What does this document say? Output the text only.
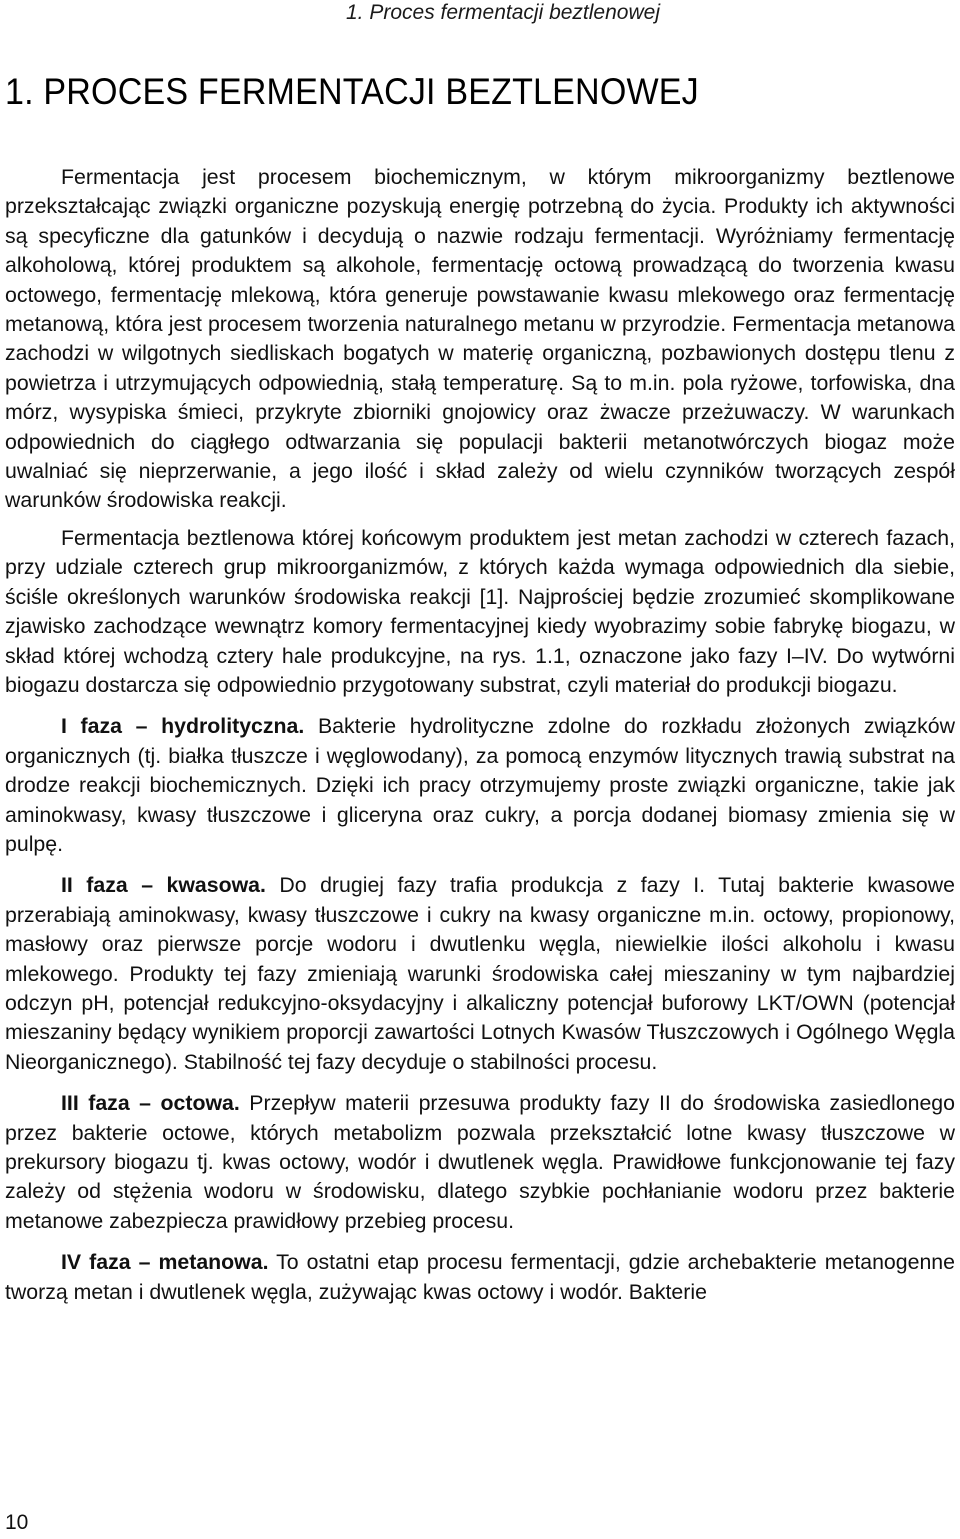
1. Proces fermentacji beztlenowej
1. PROCES FERMENTACJI BEZTLENOWEJ

Fermentacja jest procesem biochemicznym, w którym mikroorganizmy beztlenowe przekształcając związki organiczne pozyskują energię potrzebną do życia. Produkty ich aktywności są specyficzne dla gatunków i decydują o nazwie rodzaju fermentacji. Wyróżniamy fermentację alkoholową, której produktem są alkohole, fermentację octową prowadzącą do tworzenia kwasu octowego, fermentację mlekową, która generuje powstawanie kwasu mlekowego oraz fermentację metanową, która jest procesem tworzenia naturalnego metanu w przyrodzie. Fermentacja metanowa zachodzi w wilgotnych siedliskach bogatych w materię organiczną, pozbawionych dostępu tlenu z powietrza i utrzymujących odpowiednią, stałą temperaturę. Są to m.in. pola ryżowe, torfowiska, dna mórz, wysypiska śmieci, przykryte zbiorniki gnojowicy oraz żwacze przeżuwaczy. W warunkach odpowiednich do ciągłego odtwarzania się populacji bakterii metanotwórczych biogaz może uwalniać się nieprzerwanie, a jego ilość i skład zależy od wielu czynników tworzących zespół warunków środowiska reakcji.

Fermentacja beztlenowa której końcowym produktem jest metan zachodzi w czterech fazach, przy udziale czterech grup mikroorganizmów, z których każda wymaga odpowiednich dla siebie, ściśle określonych warunków środowiska reakcji [1]. Najprościej będzie zrozumieć skomplikowane zjawisko zachodzące wewnątrz komory fermentacyjnej kiedy wyobrazimy sobie fabrykę biogazu, w skład której wchodzą cztery hale produkcyjne, na rys. 1.1, oznaczone jako fazy I–IV. Do wytwórni biogazu dostarcza się odpowiednio przygotowany substrat, czyli materiał do produkcji biogazu.

I faza – hydrolityczna. Bakterie hydrolityczne zdolne do rozkładu złożonych związków organicznych (tj. białka tłuszcze i węglowodany), za pomocą enzymów litycznych trawią substrat na drodze reakcji biochemicznych. Dzięki ich pracy otrzymujemy proste związki organiczne, takie jak aminokwasy, kwasy tłuszczowe i gliceryna oraz cukry, a porcja dodanej biomasy zmienia się w pulpę.

II faza – kwasowa. Do drugiej fazy trafia produkcja z fazy I. Tutaj bakterie kwasowe przerabiają aminokwasy, kwasy tłuszczowe i cukry na kwasy organiczne m.in. octowy, propionowy, masłowy oraz pierwsze porcje wodoru i dwutlenku węgla, niewielkie ilości alkoholu i kwasu mlekowego. Produkty tej fazy zmieniają warunki środowiska całej mieszaniny w tym najbardziej odczyn pH, potencjał redukcyjno-oksydacyjny i alkaliczny potencjał buforowy LKT/OWN (potencjał mieszaniny będący wynikiem proporcji zawartości Lotnych Kwasów Tłuszczowych i Ogólnego Węgla Nieorganicznego). Stabilność tej fazy decyduje o stabilności procesu.

III faza – octowa. Przepływ materii przesuwa produkty fazy II do środowiska zasiedlonego przez bakterie octowe, których metabolizm pozwala przekształcić lotne kwasy tłuszczowe w prekursory biogazu tj. kwas octowy, wodór i dwutlenek węgla. Prawidłowe funkcjonowanie tej fazy zależy od stężenia wodoru w środowisku, dlatego szybkie pochłanianie wodoru przez bakterie metanowe zabezpiecza prawidłowy przebieg procesu.

IV faza – metanowa. To ostatni etap procesu fermentacji, gdzie archebakterie metanogenne tworzą metan i dwutlenek węgla, zużywając kwas octowy i wodór. Bakterie

10
